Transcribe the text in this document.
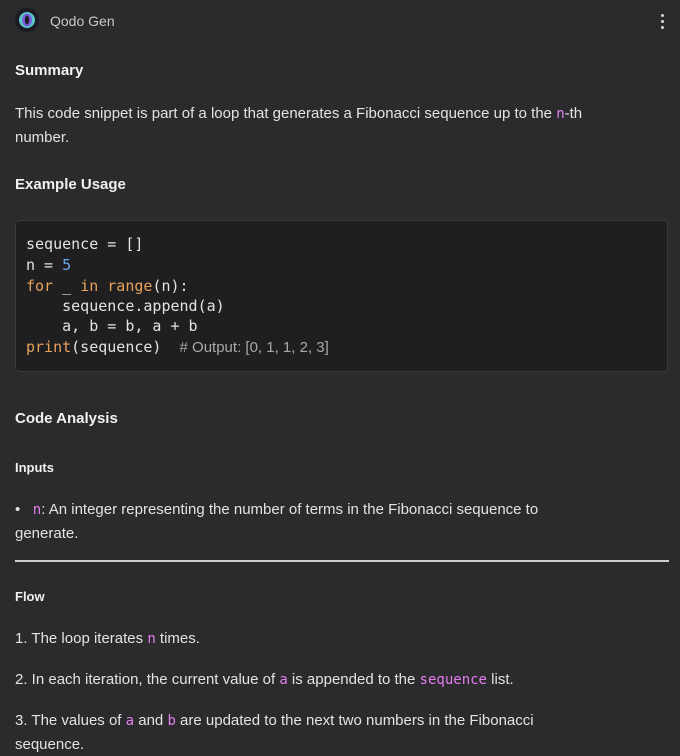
Qodo Gen
Summary
This code snippet is part of a loop that generates a Fibonacci sequence up to the n-th
number.
Example Usage
sequence = []
n = 5
for _ in range(n):
sequence.append(a)
a, b = b, a + b
print(sequence)  # Output: [0, 1, 1, 2, 3]
Code Analysis
Inputs
• n: An integer representing the number of terms in the Fibonacci sequence to
generate.
Flow
1. The loop iterates n times.
2. In each iteration, the current value of a is appended to the sequence list.
3. The values of a and b are updated to the next two numbers in the Fibonacci
sequence.
